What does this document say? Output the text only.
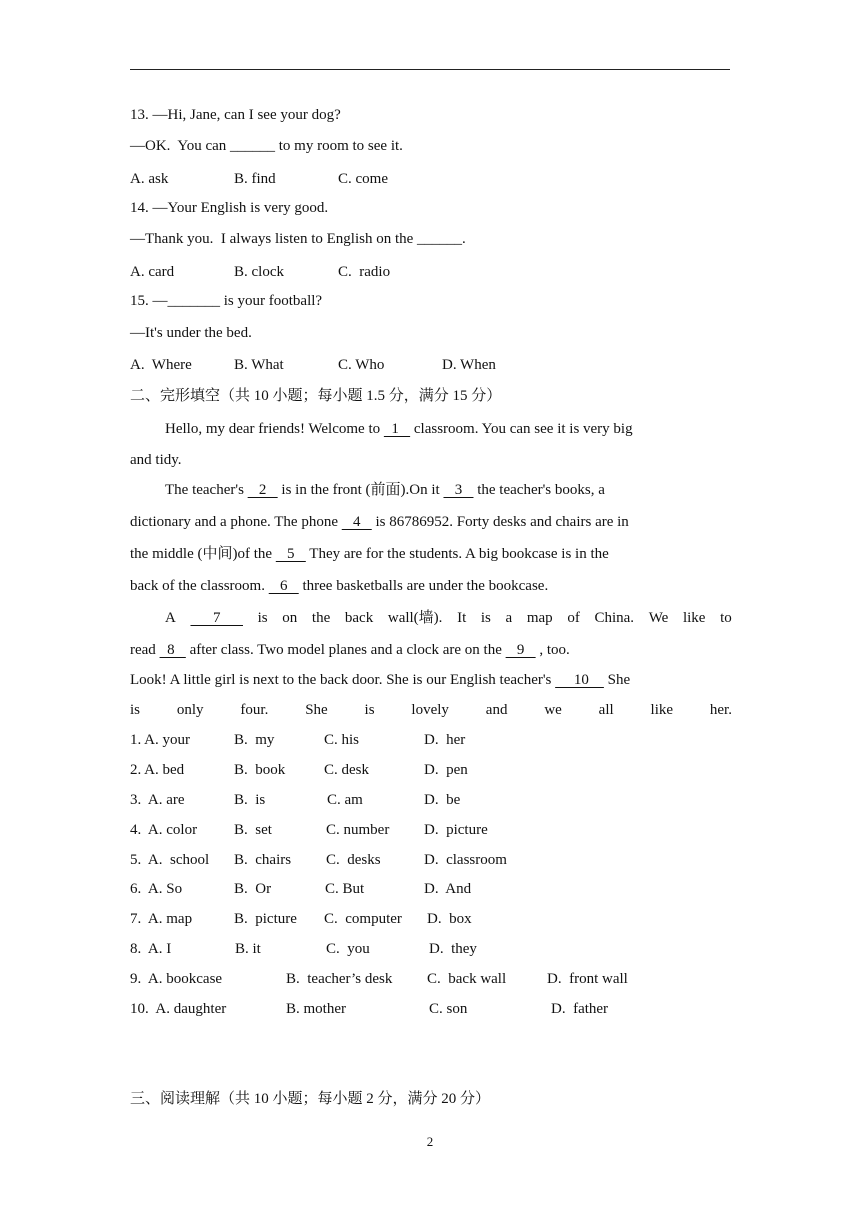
13. —Hi, Jane, can I see your dog?
—OK.  You can ______ to my room to see it.
A. ask	B. find	C. come
14. —Your English is very good.
—Thank you.  I always listen to English on the ______.
A. card	B. clock	C.  radio
15. —_______ is your football?
—It's under the bed.
A.  Where	B. What	C. Who	D. When
二、完形填空（共 10 小题；每小题 1.5 分，满分 15 分）
Hello, my dear friends! Welcome to   1    classroom. You can see it is very big
and tidy.
The teacher's    2    is in the front (前面).On it    3    the teacher's books, a
dictionary and a phone. The phone    4    is 86786952. Forty desks and chairs are in
the middle (中间)of the    5    They are for the students. A big bookcase is in the
back of the classroom.    6    three basketballs are under the bookcase.
A 7 is on the back wall(墙). It is a map of China. We like to
read   8    after class. Two model planes and a clock are on the    9    , too.
Look! A little girl is next to the back door. She is our English teacher's      10     She
is only four. She is lovely and we all like her.
1. A. your	B.  my	C. his	D.  her
2. A. bed	B.  book	C. desk	D.  pen
3.  A. are	B.  is	C. am	D.  be
4.  A. color B.  set	C. number D.  picture
5.  A.  school B.  chairs C.  desks	D.  classroom
6.  A. So	B.  Or	C. But	D.  And
7.  A. map	B.  picture C.  computer D.  box
8.  A. I	B. it	C.  you	D.  they
9.  A. bookcase	B.  teacher’s desk C.  back wall	D.  front wall
10.  A. daughter	B. mother	C. son	D.  father
三、阅读理解（共 10 小题；每小题 2 分，满分 20 分）
2
